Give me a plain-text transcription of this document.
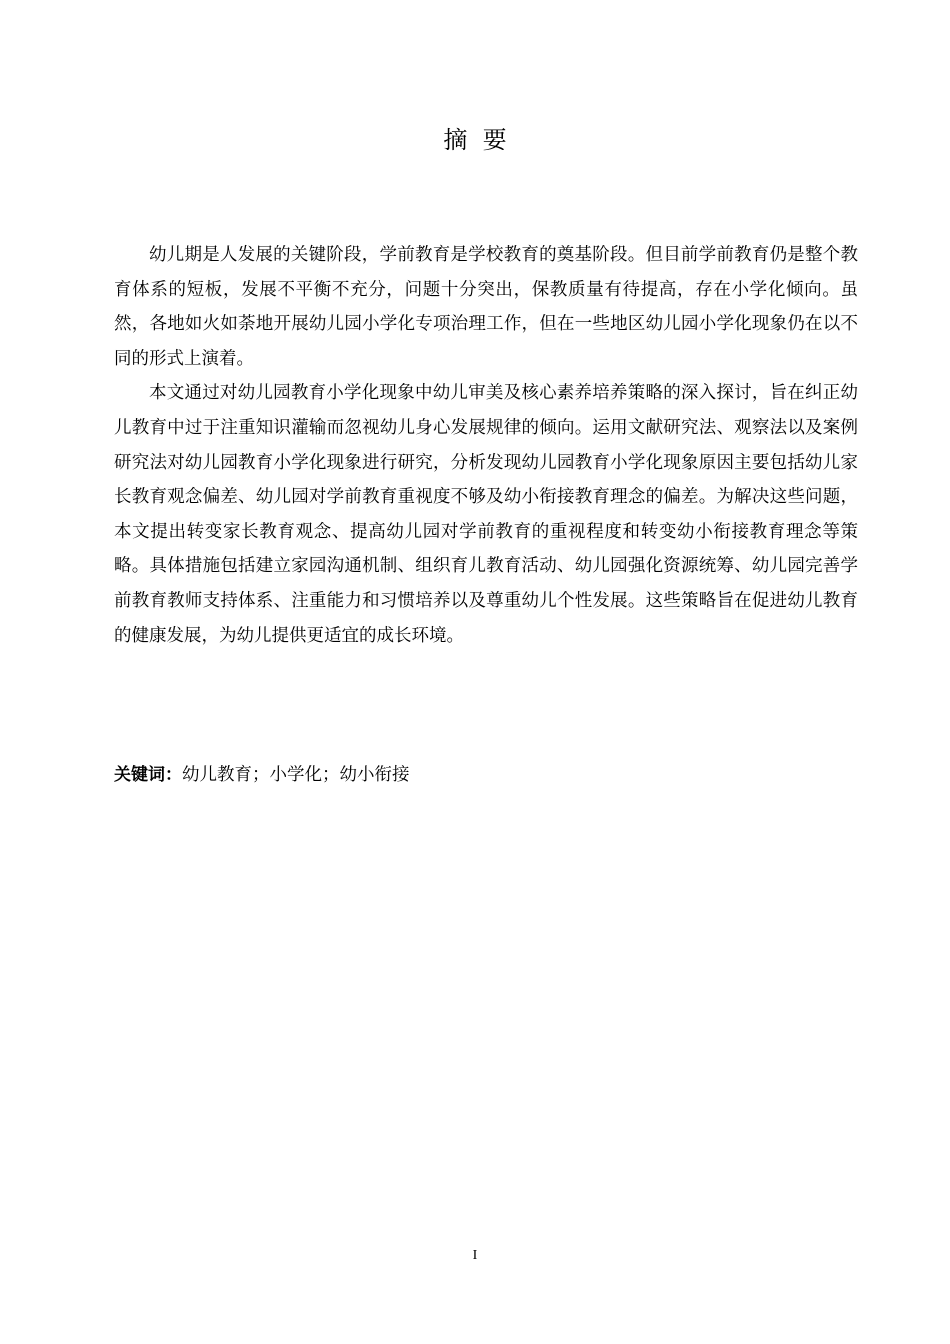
摘  要

幼儿期是人发展的关键阶段，学前教育是学校教育的奠基阶段。但目前学前教育仍是整个教育体系的短板，发展不平衡不充分，问题十分突出，保教质量有待提高，存在小学化倾向。虽然，各地如火如荼地开展幼儿园小学化专项治理工作，但在一些地区幼儿园小学化现象仍在以不同的形式上演着。

本文通过对幼儿园教育小学化现象中幼儿审美及核心素养培养策略的深入探讨，旨在纠正幼儿教育中过于注重知识灌输而忽视幼儿身心发展规律的倾向。运用文献研究法、观察法以及案例研究法对幼儿园教育小学化现象进行研究，分析发现幼儿园教育小学化现象原因主要包括幼儿家长教育观念偏差、幼儿园对学前教育重视度不够及幼小衔接教育理念的偏差。为解决这些问题，本文提出转变家长教育观念、提高幼儿园对学前教育的重视程度和转变幼小衔接教育理念等策略。具体措施包括建立家园沟通机制、组织育儿教育活动、幼儿园强化资源统筹、幼儿园完善学前教育教师支持体系、注重能力和习惯培养以及尊重幼儿个性发展。这些策略旨在促进幼儿教育的健康发展，为幼儿提供更适宜的成长环境。

关键词：幼儿教育；小学化；幼小衔接
I
